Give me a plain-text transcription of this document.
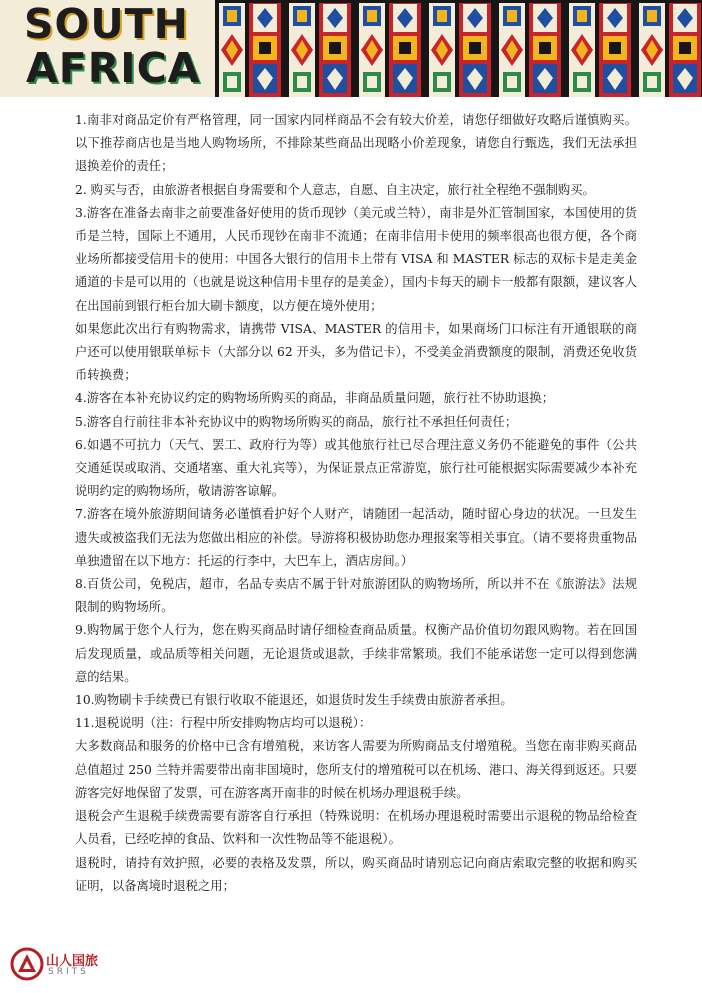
SOUTH
AFRICA

1.南非对商品定价有严格管理，同一国家内同样商品不会有较大价差，请您仔细做好攻略后谨慎购买。以下推荐商店也是当地人购物场所，不排除某些商品出现略小价差现象，请您自行甄选，我们无法承担退换差价的责任；

2. 购买与否，由旅游者根据自身需要和个人意志，自愿、自主决定，旅行社全程绝不强制购买。

3.游客在准备去南非之前要准备好使用的货币现钞（美元或兰特），南非是外汇管制国家，本国使用的货币是兰特，国际上不通用，人民币现钞在南非不流通；在南非信用卡使用的频率很高也很方便，各个商业场所都接受信用卡的使用：中国各大银行的信用卡上带有 VISA 和 MASTER 标志的双标卡是走美金通道的卡是可以用的（也就是说这种信用卡里存的是美金），国内卡每天的刷卡一般都有限额，建议客人在出国前到银行柜台加大刷卡额度，以方便在境外使用；

如果您此次出行有购物需求，请携带 VISA、MASTER 的信用卡，如果商场门口标注有开通银联的商户还可以使用银联单标卡（大部分以 62 开头，多为借记卡），不受美金消费额度的限制，消费还免收货币转换费；

4.游客在本补充协议约定的购物场所购买的商品，非商品质量问题，旅行社不协助退换；

5.游客自行前往非本补充协议中的购物场所购买的商品，旅行社不承担任何责任；

6.如遇不可抗力（天气、罢工、政府行为等）或其他旅行社已尽合理注意义务仍不能避免的事件（公共交通延误或取消、交通堵塞、重大礼宾等），为保证景点正常游览，旅行社可能根据实际需要减少本补充说明约定的购物场所，敬请游客谅解。

7.游客在境外旅游期间请务必谨慎看护好个人财产，请随团一起活动，随时留心身边的状况。一旦发生遗失或被盗我们无法为您做出相应的补偿。导游将积极协助您办理报案等相关事宜。（请不要将贵重物品单独遗留在以下地方：托运的行李中，大巴车上，酒店房间。）

8.百货公司，免税店，超市，名品专卖店不属于针对旅游团队的购物场所，所以并不在《旅游法》法规限制的购物场所。

9.购物属于您个人行为，您在购买商品时请仔细检查商品质量。权衡产品价值切勿跟风购物。若在回国后发现质量，或品质等相关问题，无论退货或退款，手续非常繁琐。我们不能承诺您一定可以得到您满意的结果。

10.购物刷卡手续费已有银行收取不能退还，如退货时发生手续费由旅游者承担。

11.退税说明（注：行程中所安排购物店均可以退税）：

大多数商品和服务的价格中已含有增殖税，来访客人需要为所购商品支付增殖税。当您在南非购买商品总值超过 250 兰特并需要带出南非国境时，您所支付的增殖税可以在机场、港口、海关得到返还。只要游客完好地保留了发票，可在游客离开南非的时候在机场办理退税手续。

退税会产生退税手续费需要有游客自行承担（特殊说明：在机场办理退税时需要出示退税的物品给检查人员看，已经吃掉的食品、饮料和一次性物品等不能退税）。

退税时，请持有效护照，必要的表格及发票，所以，购买商品时请别忘记向商店索取完整的收据和购买证明，以备离境时退税之用；

山人国旅
SRITS
